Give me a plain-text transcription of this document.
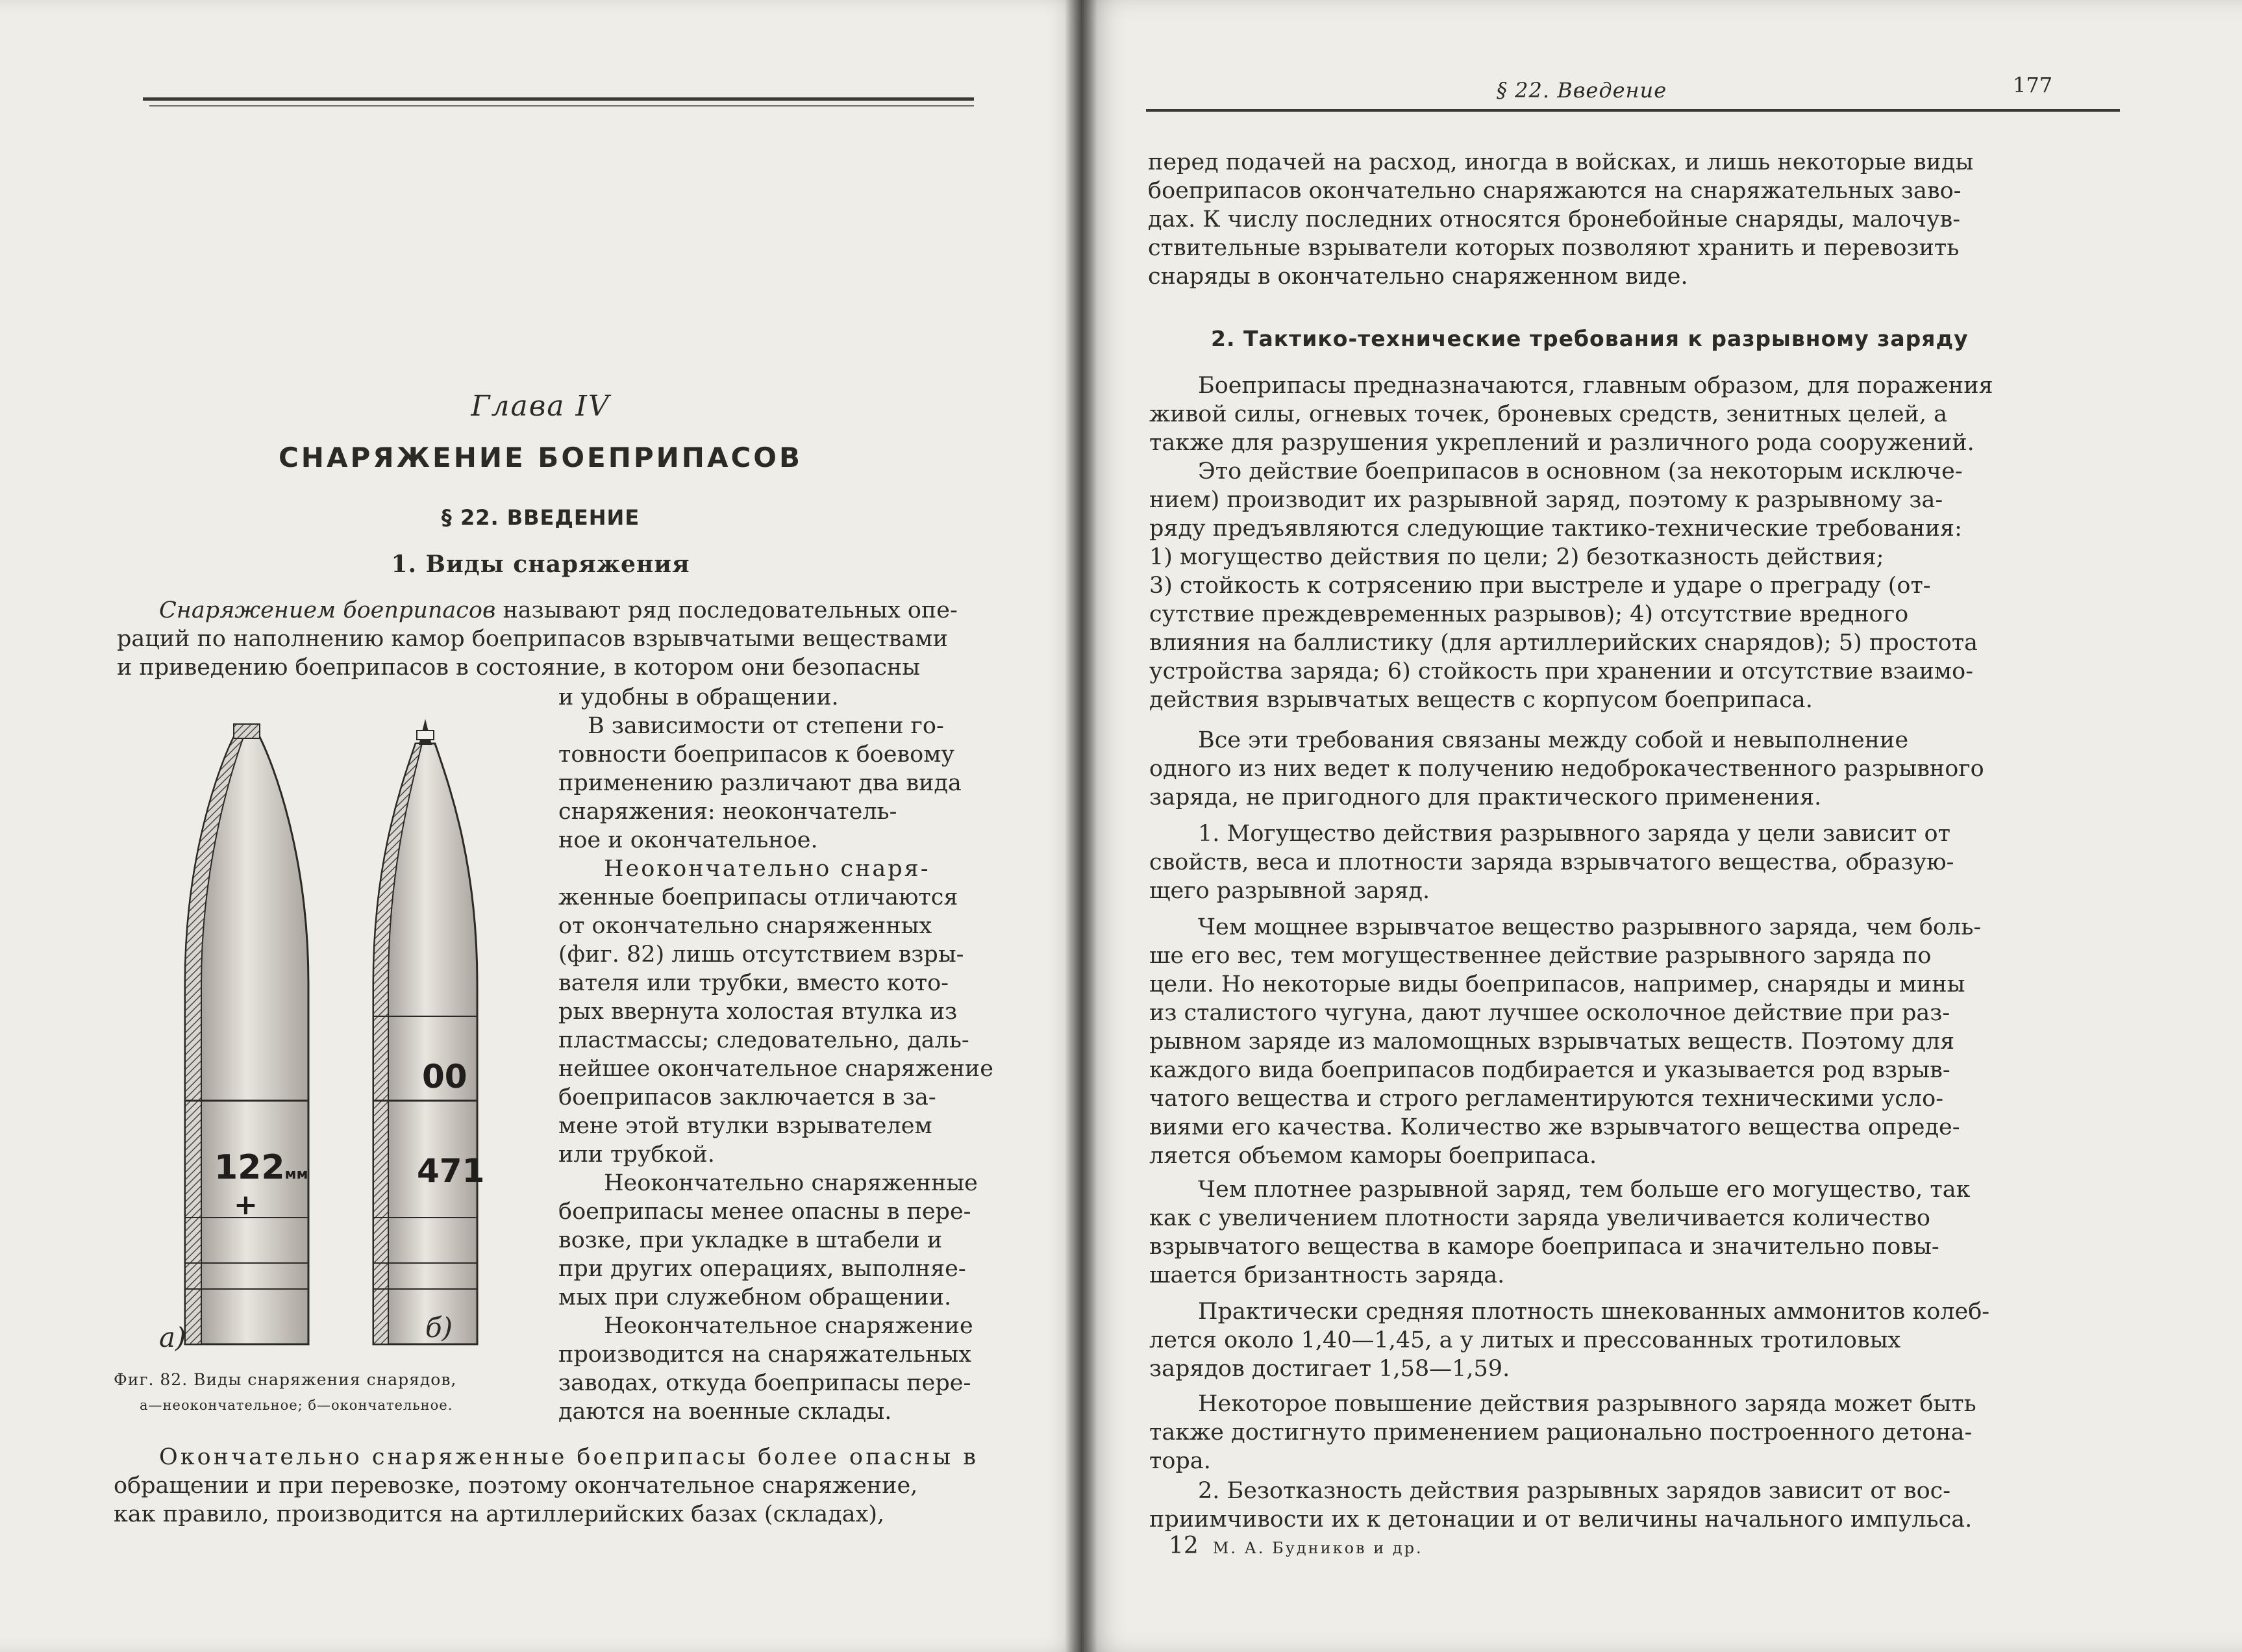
Глава IV
СНАРЯЖЕНИЕ БОЕПРИПАСОВ
§ 22. ВВЕДЕНИЕ
1. Виды снаряжения
Снаряжением боеприпасов называют ряд последовательных опе-
раций по наполнению камор боеприпасов взрывчатыми веществами
и приведению боеприпасов в состояние, в котором они безопасны
и удобны в обращении.
В зависимости от степени го-
товности боеприпасов к боевому
применению различают два вида
снаряжения: неокончатель-
ное и окончательное.
Неокончательно снаря-
женные боеприпасы отличаются
от окончательно снаряженных
(фиг. 82) лишь отсутствием взры-
вателя или трубки, вместо кото-
рых ввернута холостая втулка из
пластмассы; следовательно, даль-
нейшее окончательное снаряжение
боеприпасов заключается в за-
мене этой втулки взрывателем
или трубкой.
Неокончательно снаряженные
боеприпасы менее опасны в пере-
возке, при укладке в штабели и
при других операциях, выполняе-
мых при служебном обращении.
Неокончательное снаряжение
производится на снаряжательных
заводах, откуда боеприпасы пере-
даются на военные склады.
122мм
+
00
471
а)	б)
Фиг. 82. Виды снаряжения снарядов,
а—неокончательное; б—окончательное.
Окончательно снаряженные боеприпасы более опасны в
обращении и при перевозке, поэтому окончательное снаряжение,
как правило, производится на артиллерийских базах (складах),
§ 22. Введение	177
перед подачей на расход, иногда в войсках, и лишь некоторые виды
боеприпасов окончательно снаряжаются на снаряжательных заво-
дах. К числу последних относятся бронебойные снаряды, малочув-
ствительные взрыватели которых позволяют хранить и перевозить
снаряды в окончательно снаряженном виде.
2. Тактико-технические требования к разрывному заряду
Боеприпасы предназначаются, главным образом, для поражения
живой силы, огневых точек, броневых средств, зенитных целей, а
также для разрушения укреплений и различного рода сооружений.
Это действие боеприпасов в основном (за некоторым исключе-
нием) производит их разрывной заряд, поэтому к разрывному за-
ряду предъявляются следующие тактико-технические требования:
1) могущество действия по цели; 2) безотказность действия;
3) стойкость к сотрясению при выстреле и ударе о преграду (от-
сутствие преждевременных разрывов); 4) отсутствие вредного
влияния на баллистику (для артиллерийских снарядов); 5) простота
устройства заряда; 6) стойкость при хранении и отсутствие взаимо-
действия взрывчатых веществ с корпусом боеприпаса.
Все эти требования связаны между собой и невыполнение
одного из них ведет к получению недоброкачественного разрывного
заряда, не пригодного для практического применения.
1. Могущество действия разрывного заряда у цели зависит от
свойств, веса и плотности заряда взрывчатого вещества, образую-
щего разрывной заряд.
Чем мощнее взрывчатое вещество разрывного заряда, чем боль-
ше его вес, тем могущественнее действие разрывного заряда по
цели. Но некоторые виды боеприпасов, например, снаряды и мины
из сталистого чугуна, дают лучшее осколочное действие при раз-
рывном заряде из маломощных взрывчатых веществ. Поэтому для
каждого вида боеприпасов подбирается и указывается род взрыв-
чатого вещества и строго регламентируются техническими усло-
виями его качества. Количество же взрывчатого вещества опреде-
ляется объемом каморы боеприпаса.
Чем плотнее разрывной заряд, тем больше его могущество, так
как с увеличением плотности заряда увеличивается количество
взрывчатого вещества в каморе боеприпаса и значительно повы-
шается бризантность заряда.
Практически средняя плотность шнекованных аммонитов колеб-
лется около 1,40—1,45, а у литых и прессованных тротиловых
зарядов достигает 1,58—1,59.
Некоторое повышение действия разрывного заряда может быть
также достигнуто применением рационально построенного детона-
тора.
2. Безотказность действия разрывных зарядов зависит от вос-
приимчивости их к детонации и от величины начального импульса.
12 М. А. Будников и др.
